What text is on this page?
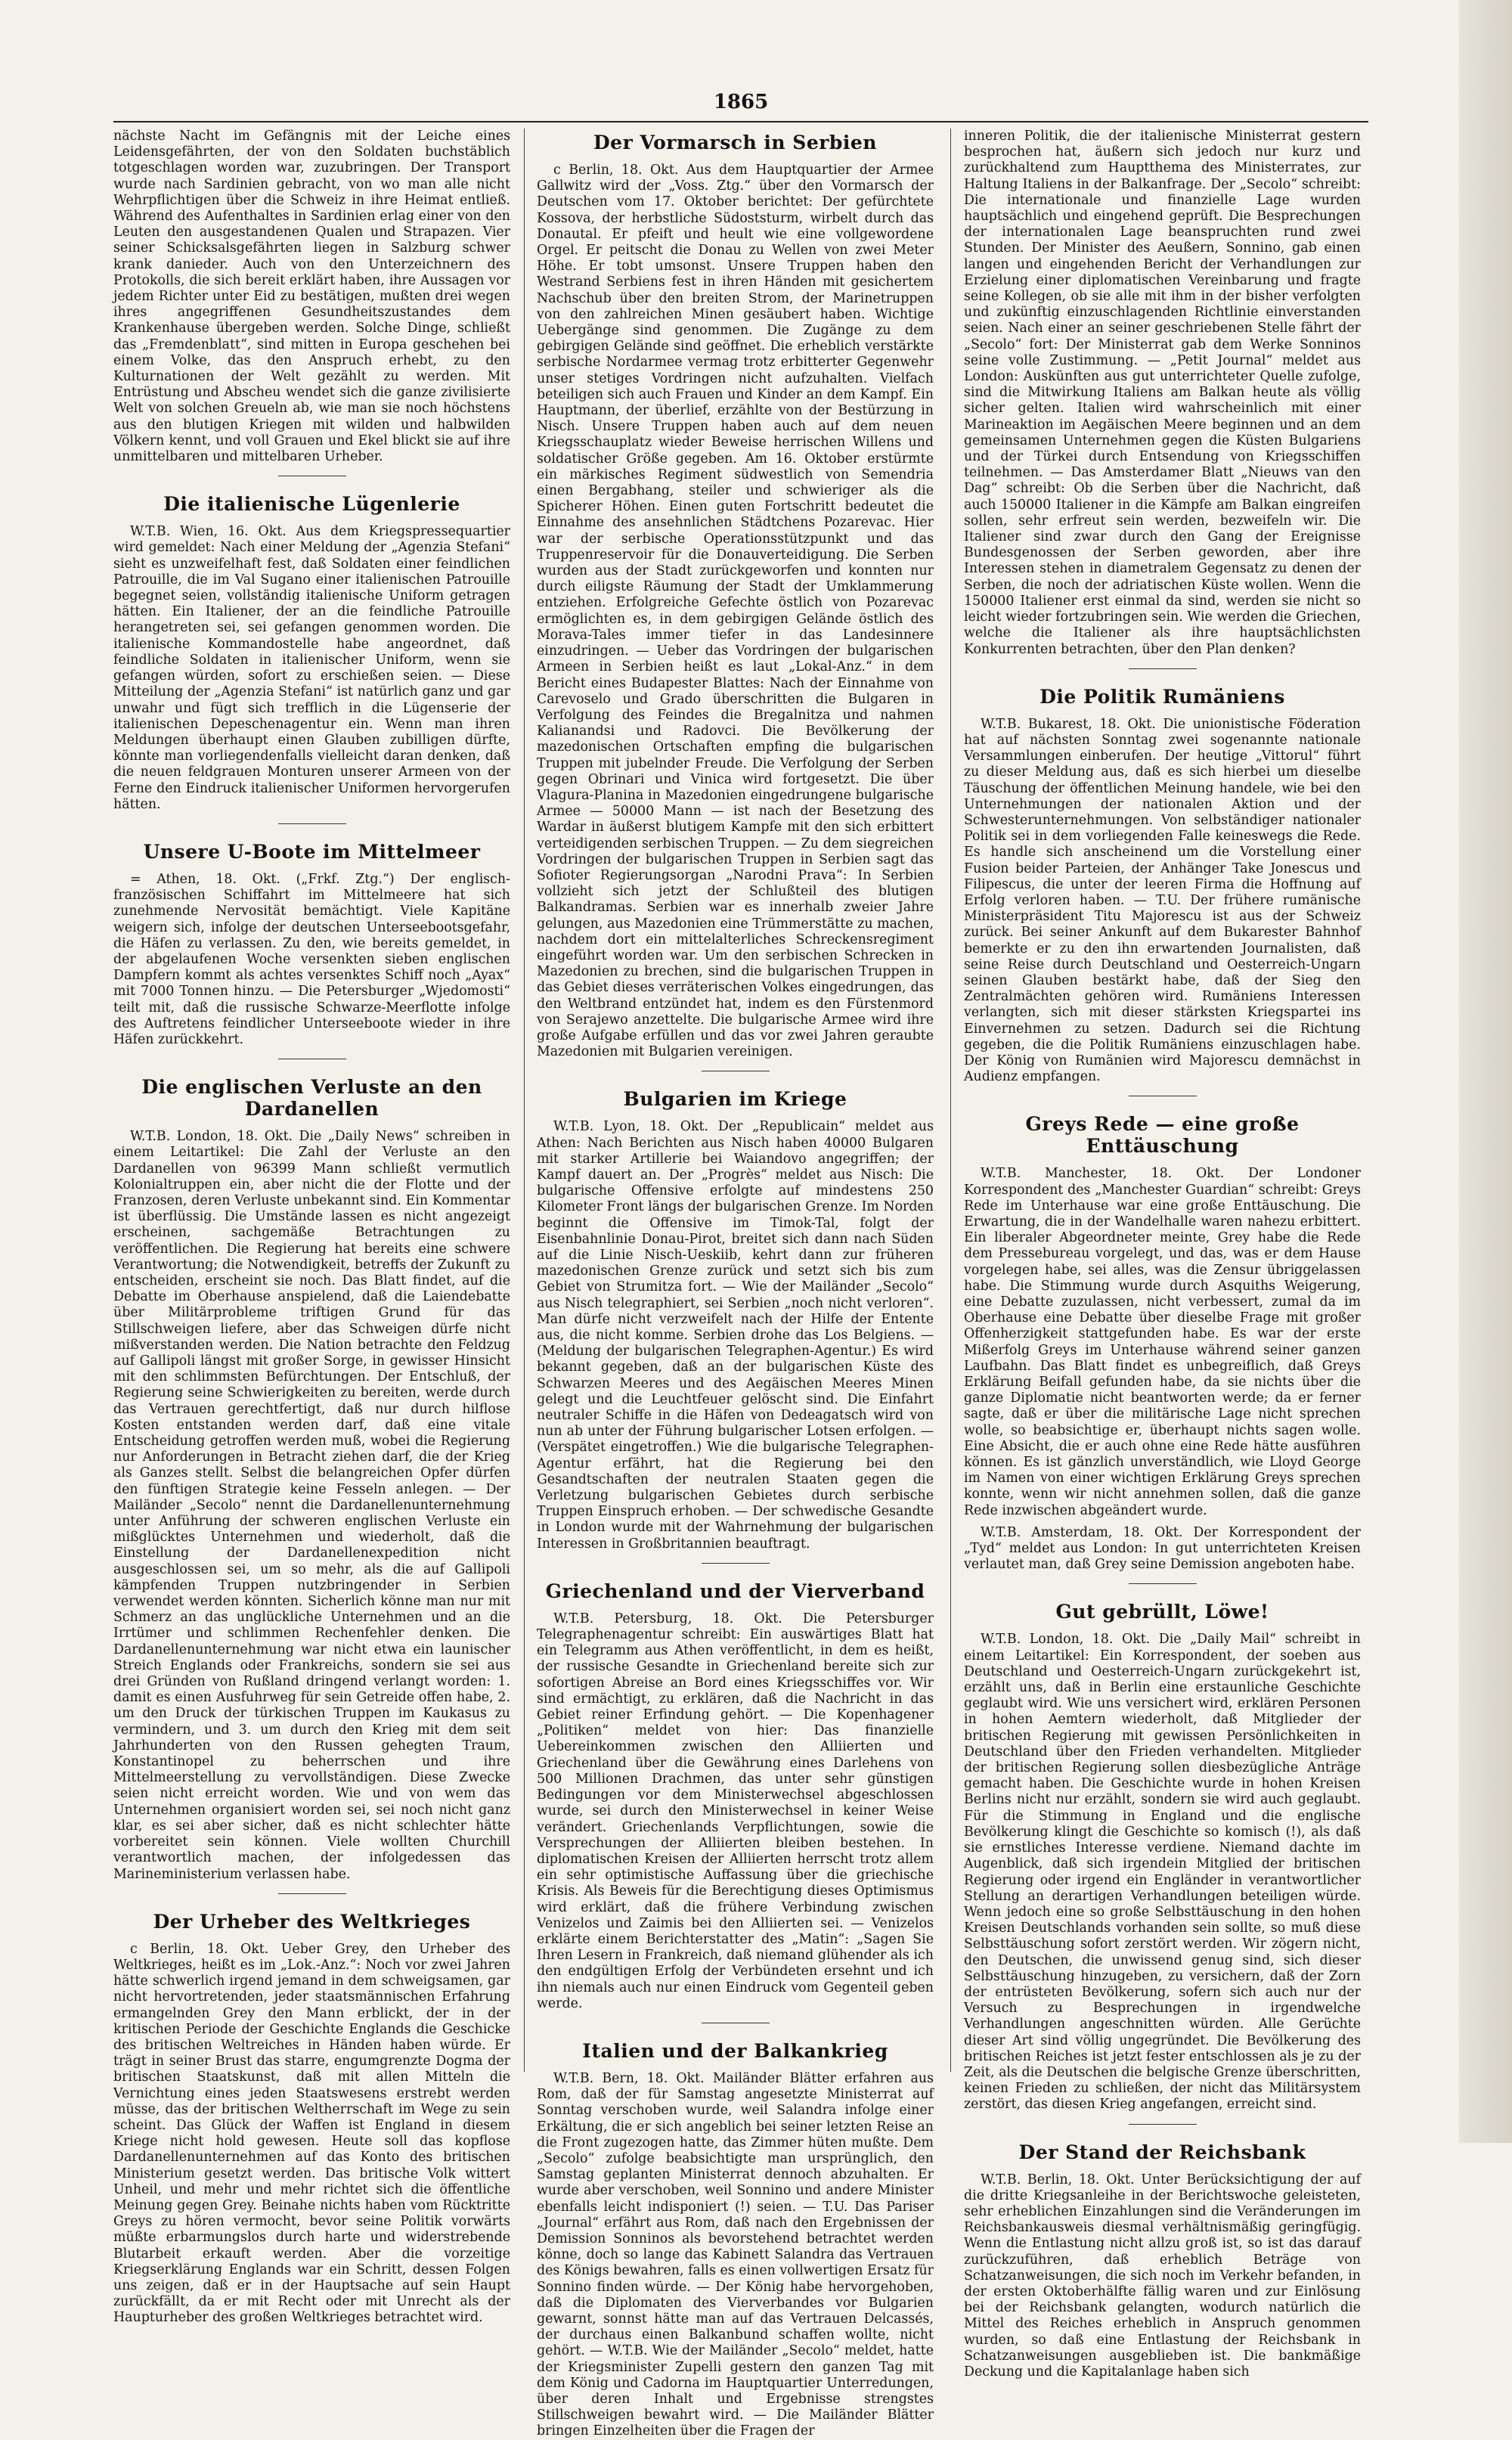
1865

nächste Nacht im Gefängnis mit der Leiche eines Leidensgefährten, der von den Soldaten buchstäblich totgeschlagen worden war, zuzubringen. Der Transport wurde nach Sardinien gebracht, von wo man alle nicht Wehrpflichtigen über die Schweiz in ihre Heimat entließ. Während des Aufenthaltes in Sardinien erlag einer von den Leuten den ausgestandenen Qualen und Strapazen. Vier seiner Schicksalsgefährten liegen in Salzburg schwer krank danieder. Auch von den Unterzeichnern des Protokolls, die sich bereit erklärt haben, ihre Aussagen vor jedem Richter unter Eid zu bestätigen, mußten drei wegen ihres angegriffenen Gesundheitszustandes dem Krankenhause übergeben werden. Solche Dinge, schließt das „Fremdenblatt“, sind mitten in Europa geschehen bei einem Volke, das den Anspruch erhebt, zu den Kulturnationen der Welt gezählt zu werden. Mit Entrüstung und Abscheu wendet sich die ganze zivilisierte Welt von solchen Greueln ab, wie man sie noch höchstens aus den blutigen Kriegen mit wilden und halbwilden Völkern kennt, und voll Grauen und Ekel blickt sie auf ihre unmittelbaren und mittelbaren Urheber.

Die italienische Lügenlerie

W.T.B. Wien, 16. Okt. Aus dem Kriegspressequartier wird gemeldet: Nach einer Meldung der „Agenzia Stefani“ sieht es unzweifelhaft fest, daß Soldaten einer feindlichen Patrouille, die im Val Sugano einer italienischen Patrouille begegnet seien, vollständig italienische Uniform getragen hätten. Ein Italiener, der an die feindliche Patrouille herangetreten sei, sei gefangen genommen worden. Die italienische Kommandostelle habe angeordnet, daß feindliche Soldaten in italienischer Uniform, wenn sie gefangen würden, sofort zu erschießen seien. — Diese Mitteilung der „Agenzia Stefani“ ist natürlich ganz und gar unwahr und fügt sich trefflich in die Lügenserie der italienischen Depeschenagentur ein. Wenn man ihren Meldungen überhaupt einen Glauben zubilligen dürfte, könnte man vorliegendenfalls vielleicht daran denken, daß die neuen feldgrauen Monturen unserer Armeen von der Ferne den Eindruck italienischer Uniformen hervorgerufen hätten.

Unsere U-Boote im Mittelmeer

= Athen, 18. Okt. („Frkf. Ztg.“) Der englisch-französischen Schiffahrt im Mittelmeere hat sich zunehmende Nervosität bemächtigt. Viele Kapitäne weigern sich, infolge der deutschen Unterseebootsgefahr, die Häfen zu verlassen. Zu den, wie bereits gemeldet, in der abgelaufenen Woche versenkten sieben englischen Dampfern kommt als achtes versenktes Schiff noch „Ayax“ mit 7000 Tonnen hinzu. — Die Petersburger „Wjedomosti“ teilt mit, daß die russische Schwarze-Meerflotte infolge des Auftretens feindlicher Unterseeboote wieder in ihre Häfen zurückkehrt.

Die englischen Verluste an den Dardanellen

W.T.B. London, 18. Okt. Die „Daily News“ schreiben in einem Leitartikel: Die Zahl der Verluste an den Dardanellen von 96399 Mann schließt vermutlich Kolonialtruppen ein, aber nicht die der Flotte und der Franzosen, deren Verluste unbekannt sind. Ein Kommentar ist überflüssig. Die Umstände lassen es nicht angezeigt erscheinen, sachgemäße Betrachtungen zu veröffentlichen. Die Regierung hat bereits eine schwere Verantwortung; die Notwendigkeit, betreffs der Zukunft zu entscheiden, erscheint sie noch. Das Blatt findet, auf die Debatte im Oberhause anspielend, daß die Laiendebatte über Militärprobleme triftigen Grund für das Stillschweigen liefere, aber das Schweigen dürfe nicht mißverstanden werden. Die Nation betrachte den Feldzug auf Gallipoli längst mit großer Sorge, in gewisser Hinsicht mit den schlimmsten Befürchtungen. Der Entschluß, der Regierung seine Schwierigkeiten zu bereiten, werde durch das Vertrauen gerechtfertigt, daß nur durch hilflose Kosten entstanden werden darf, daß eine vitale Entscheidung getroffen werden muß, wobei die Regierung nur Anforderungen in Betracht ziehen darf, die der Krieg als Ganzes stellt. Selbst die belangreichen Opfer dürfen den fünftigen Strategie keine Fesseln anlegen. — Der Mailänder „Secolo“ nennt die Dardanellenunternehmung unter Anführung der schweren englischen Verluste ein mißglücktes Unternehmen und wiederholt, daß die Einstellung der Dardanellenexpedition nicht ausgeschlossen sei, um so mehr, als die auf Gallipoli kämpfenden Truppen nutzbringender in Serbien verwendet werden könnten. Sicherlich könne man nur mit Schmerz an das unglückliche Unternehmen und an die Irrtümer und schlimmen Rechenfehler denken. Die Dardanellenunternehmung war nicht etwa ein launischer Streich Englands oder Frankreichs, sondern sie sei aus drei Gründen von Rußland dringend verlangt worden: 1. damit es einen Ausfuhrweg für sein Getreide offen habe, 2. um den Druck der türkischen Truppen im Kaukasus zu vermindern, und 3. um durch den Krieg mit dem seit Jahrhunderten von den Russen gehegten Traum, Konstantinopel zu beherrschen und ihre Mittelmeerstellung zu vervollständigen. Diese Zwecke seien nicht erreicht worden. Wie und von wem das Unternehmen organisiert worden sei, sei noch nicht ganz klar, es sei aber sicher, daß es nicht schlechter hätte vorbereitet sein können. Viele wollten Churchill verantwortlich machen, der infolgedessen das Marineministerium verlassen habe.

Der Urheber des Weltkrieges

c Berlin, 18. Okt. Ueber Grey, den Urheber des Weltkrieges, heißt es im „Lok.-Anz.“: Noch vor zwei Jahren hätte schwerlich irgend jemand in dem schweigsamen, gar nicht hervortretenden, jeder staatsmännischen Erfahrung ermangelnden Grey den Mann erblickt, der in der kritischen Periode der Geschichte Englands die Geschicke des britischen Weltreiches in Händen haben würde. Er trägt in seiner Brust das starre, engumgrenzte Dogma der britischen Staatskunst, daß mit allen Mitteln die Vernichtung eines jeden Staatswesens erstrebt werden müsse, das der britischen Weltherrschaft im Wege zu sein scheint. Das Glück der Waffen ist England in diesem Kriege nicht hold gewesen. Heute soll das kopflose Dardanellenunternehmen auf das Konto des britischen Ministerium gesetzt werden. Das britische Volk wittert Unheil, und mehr und mehr richtet sich die öffentliche Meinung gegen Grey. Beinahe nichts haben vom Rücktritte Greys zu hören vermocht, bevor seine Politik vorwärts müßte erbarmungslos durch harte und widerstrebende Blutarbeit erkauft werden. Aber die vorzeitige Kriegserklärung Englands war ein Schritt, dessen Folgen uns zeigen, daß er in der Hauptsache auf sein Haupt zurückfällt, da er mit Recht oder mit Unrecht als der Haupturheber des großen Weltkrieges betrachtet wird.

Der Vormarsch in Serbien

c Berlin, 18. Okt. Aus dem Hauptquartier der Armee Gallwitz wird der „Voss. Ztg.“ über den Vormarsch der Deutschen vom 17. Oktober berichtet: Der gefürchtete Kossova, der herbstliche Südoststurm, wirbelt durch das Donautal. Er pfeift und heult wie eine vollgewordene Orgel. Er peitscht die Donau zu Wellen von zwei Meter Höhe. Er tobt umsonst. Unsere Truppen haben den Westrand Serbiens fest in ihren Händen mit gesichertem Nachschub über den breiten Strom, der Marinetruppen von den zahlreichen Minen gesäubert haben. Wichtige Uebergänge sind genommen. Die Zugänge zu dem gebirgigen Gelände sind geöffnet. Die erheblich verstärkte serbische Nordarmee vermag trotz erbitterter Gegenwehr unser stetiges Vordringen nicht aufzuhalten. Vielfach beteiligen sich auch Frauen und Kinder an dem Kampf. Ein Hauptmann, der überlief, erzählte von der Bestürzung in Nisch. Unsere Truppen haben auch auf dem neuen Kriegsschauplatz wieder Beweise herrischen Willens und soldatischer Größe gegeben. Am 16. Oktober erstürmte ein märkisches Regiment südwestlich von Semendria einen Bergabhang, steiler und schwieriger als die Spicherer Höhen. Einen guten Fortschritt bedeutet die Einnahme des ansehnlichen Städtchens Pozarevac. Hier war der serbische Operationsstützpunkt und das Truppenreservoir für die Donauverteidigung. Die Serben wurden aus der Stadt zurückgeworfen und konnten nur durch eiligste Räumung der Stadt der Umklammerung entziehen. Erfolgreiche Gefechte östlich von Pozarevac ermöglichten es, in dem gebirgigen Gelände östlich des Morava-Tales immer tiefer in das Landesinnere einzudringen. — Ueber das Vordringen der bulgarischen Armeen in Serbien heißt es laut „Lokal-Anz.“ in dem Bericht eines Budapester Blattes: Nach der Einnahme von Carevoselo und Grado überschritten die Bulgaren in Verfolgung des Feindes die Bregalnitza und nahmen Kalianandsi und Radovci. Die Bevölkerung der mazedonischen Ortschaften empfing die bulgarischen Truppen mit jubelnder Freude. Die Verfolgung der Serben gegen Obrinari und Vinica wird fortgesetzt. Die über Vlagura-Planina in Mazedonien eingedrungene bulgarische Armee — 50000 Mann — ist nach der Besetzung des Wardar in äußerst blutigem Kampfe mit den sich erbittert verteidigenden serbischen Truppen. — Zu dem siegreichen Vordringen der bulgarischen Truppen in Serbien sagt das Sofioter Regierungsorgan „Narodni Prava“: In Serbien vollzieht sich jetzt der Schlußteil des blutigen Balkandramas. Serbien war es innerhalb zweier Jahre gelungen, aus Mazedonien eine Trümmerstätte zu machen, nachdem dort ein mittelalterliches Schreckensregiment eingeführt worden war. Um den serbischen Schrecken in Mazedonien zu brechen, sind die bulgarischen Truppen in das Gebiet dieses verräterischen Volkes eingedrungen, das den Weltbrand entzündet hat, indem es den Fürstenmord von Serajewo anzettelte. Die bulgarische Armee wird ihre große Aufgabe erfüllen und das vor zwei Jahren geraubte Mazedonien mit Bulgarien vereinigen.

Bulgarien im Kriege

W.T.B. Lyon, 18. Okt. Der „Republicain“ meldet aus Athen: Nach Berichten aus Nisch haben 40000 Bulgaren mit starker Artillerie bei Waiandovo angegriffen; der Kampf dauert an. Der „Progrès“ meldet aus Nisch: Die bulgarische Offensive erfolgte auf mindestens 250 Kilometer Front längs der bulgarischen Grenze. Im Norden beginnt die Offensive im Timok-Tal, folgt der Eisenbahnlinie Donau-Pirot, breitet sich dann nach Süden auf die Linie Nisch-Ueskiib, kehrt dann zur früheren mazedonischen Grenze zurück und setzt sich bis zum Gebiet von Strumitza fort. — Wie der Mailänder „Secolo“ aus Nisch telegraphiert, sei Serbien „noch nicht verloren“. Man dürfe nicht verzweifelt nach der Hilfe der Entente aus, die nicht komme. Serbien drohe das Los Belgiens. — (Meldung der bulgarischen Telegraphen-Agentur.) Es wird bekannt gegeben, daß an der bulgarischen Küste des Schwarzen Meeres und des Aegäischen Meeres Minen gelegt und die Leuchtfeuer gelöscht sind. Die Einfahrt neutraler Schiffe in die Häfen von Dedeagatsch wird von nun ab unter der Führung bulgarischer Lotsen erfolgen. — (Verspätet eingetroffen.) Wie die bulgarische Telegraphen-Agentur erfährt, hat die Regierung bei den Gesandtschaften der neutralen Staaten gegen die Verletzung bulgarischen Gebietes durch serbische Truppen Einspruch erhoben. — Der schwedische Gesandte in London wurde mit der Wahrnehmung der bulgarischen Interessen in Großbritannien beauftragt.

Griechenland und der Vierverband

W.T.B. Petersburg, 18. Okt. Die Petersburger Telegraphenagentur schreibt: Ein auswärtiges Blatt hat ein Telegramm aus Athen veröffentlicht, in dem es heißt, der russische Gesandte in Griechenland bereite sich zur sofortigen Abreise an Bord eines Kriegsschiffes vor. Wir sind ermächtigt, zu erklären, daß die Nachricht in das Gebiet reiner Erfindung gehört. — Die Kopenhagener „Politiken“ meldet von hier: Das finanzielle Uebereinkommen zwischen den Alliierten und Griechenland über die Gewährung eines Darlehens von 500 Millionen Drachmen, das unter sehr günstigen Bedingungen vor dem Ministerwechsel abgeschlossen wurde, sei durch den Ministerwechsel in keiner Weise verändert. Griechenlands Verpflichtungen, sowie die Versprechungen der Alliierten bleiben bestehen. In diplomatischen Kreisen der Alliierten herrscht trotz allem ein sehr optimistische Auffassung über die griechische Krisis. Als Beweis für die Berechtigung dieses Optimismus wird erklärt, daß die frühere Verbindung zwischen Venizelos und Zaimis bei den Alliierten sei. — Venizelos erklärte einem Berichterstatter des „Matin“: „Sagen Sie Ihren Lesern in Frankreich, daß niemand glühender als ich den endgültigen Erfolg der Verbündeten ersehnt und ich ihn niemals auch nur einen Eindruck vom Gegenteil geben werde.

Italien und der Balkankrieg

W.T.B. Bern, 18. Okt. Mailänder Blätter erfahren aus Rom, daß der für Samstag angesetzte Ministerrat auf Sonntag verschoben wurde, weil Salandra infolge einer Erkältung, die er sich angeblich bei seiner letzten Reise an die Front zugezogen hatte, das Zimmer hüten mußte. Dem „Secolo“ zufolge beabsichtigte man ursprünglich, den Samstag geplanten Ministerrat dennoch abzuhalten. Er wurde aber verschoben, weil Sonnino und andere Minister ebenfalls leicht indisponiert (!) seien. — T.U. Das Pariser „Journal“ erfährt aus Rom, daß nach den Ergebnissen der Demission Sonninos als bevorstehend betrachtet werden könne, doch so lange das Kabinett Salandra das Vertrauen des Königs bewahren, falls es einen vollwertigen Ersatz für Sonnino finden würde. — Der König habe hervorgehoben, daß die Diplomaten des Vierverbandes vor Bulgarien gewarnt, sonnst hätte man auf das Vertrauen Delcassés, der durchaus einen Balkanbund schaffen wollte, nicht gehört. — W.T.B. Wie der Mailänder „Secolo“ meldet, hatte der Kriegsminister Zupelli gestern den ganzen Tag mit dem König und Cadorna im Hauptquartier Unterredungen, über deren Inhalt und Ergebnisse strengstes Stillschweigen bewahrt wird. — Die Mailänder Blätter bringen Einzelheiten über die Fragen der

inneren Politik, die der italienische Ministerrat gestern besprochen hat, äußern sich jedoch nur kurz und zurückhaltend zum Hauptthema des Ministerrates, zur Haltung Italiens in der Balkanfrage. Der „Secolo“ schreibt: Die internationale und finanzielle Lage wurden hauptsächlich und eingehend geprüft. Die Besprechungen der internationalen Lage beanspruchten rund zwei Stunden. Der Minister des Aeußern, Sonnino, gab einen langen und eingehenden Bericht der Verhandlungen zur Erzielung einer diplomatischen Vereinbarung und fragte seine Kollegen, ob sie alle mit ihm in der bisher verfolgten und zukünftig einzuschlagenden Richtlinie einverstanden seien. Nach einer an seiner geschriebenen Stelle fährt der „Secolo“ fort: Der Ministerrat gab dem Werke Sonninos seine volle Zustimmung. — „Petit Journal“ meldet aus London: Auskünften aus gut unterrichteter Quelle zufolge, sind die Mitwirkung Italiens am Balkan heute als völlig sicher gelten. Italien wird wahrscheinlich mit einer Marineaktion im Aegäischen Meere beginnen und an dem gemeinsamen Unternehmen gegen die Küsten Bulgariens und der Türkei durch Entsendung von Kriegsschiffen teilnehmen. — Das Amsterdamer Blatt „Nieuws van den Dag“ schreibt: Ob die Serben über die Nachricht, daß auch 150000 Italiener in die Kämpfe am Balkan eingreifen sollen, sehr erfreut sein werden, bezweifeln wir. Die Italiener sind zwar durch den Gang der Ereignisse Bundesgenossen der Serben geworden, aber ihre Interessen stehen in diametralem Gegensatz zu denen der Serben, die noch der adriatischen Küste wollen. Wenn die 150000 Italiener erst einmal da sind, werden sie nicht so leicht wieder fortzubringen sein. Wie werden die Griechen, welche die Italiener als ihre hauptsächlichsten Konkurrenten betrachten, über den Plan denken?

Die Politik Rumäniens

W.T.B. Bukarest, 18. Okt. Die unionistische Föderation hat auf nächsten Sonntag zwei sogenannte nationale Versammlungen einberufen. Der heutige „Vittorul“ führt zu dieser Meldung aus, daß es sich hierbei um dieselbe Täuschung der öffentlichen Meinung handele, wie bei den Unternehmungen der nationalen Aktion und der Schwesterunternehmungen. Von selbständiger nationaler Politik sei in dem vorliegenden Falle keineswegs die Rede. Es handle sich anscheinend um die Vorstellung einer Fusion beider Parteien, der Anhänger Take Jonescus und Filipescus, die unter der leeren Firma die Hoffnung auf Erfolg verloren haben. — T.U. Der frühere rumänische Ministerpräsident Titu Majorescu ist aus der Schweiz zurück. Bei seiner Ankunft auf dem Bukarester Bahnhof bemerkte er zu den ihn erwartenden Journalisten, daß seine Reise durch Deutschland und Oesterreich-Ungarn seinen Glauben bestärkt habe, daß der Sieg den Zentralmächten gehören wird. Rumäniens Interessen verlangten, sich mit dieser stärksten Kriegspartei ins Einvernehmen zu setzen. Dadurch sei die Richtung gegeben, die die Politik Rumäniens einzuschlagen habe. Der König von Rumänien wird Majorescu demnächst in Audienz empfangen.

Greys Rede — eine große Enttäuschung

W.T.B. Manchester, 18. Okt. Der Londoner Korrespondent des „Manchester Guardian“ schreibt: Greys Rede im Unterhause war eine große Enttäuschung. Die Erwartung, die in der Wandelhalle waren nahezu erbittert. Ein liberaler Abgeordneter meinte, Grey habe die Rede dem Pressebureau vorgelegt, und das, was er dem Hause vorgelegen habe, sei alles, was die Zensur übriggelassen habe. Die Stimmung wurde durch Asquiths Weigerung, eine Debatte zuzulassen, nicht verbessert, zumal da im Oberhause eine Debatte über dieselbe Frage mit großer Offenherzigkeit stattgefunden habe. Es war der erste Mißerfolg Greys im Unterhause während seiner ganzen Laufbahn. Das Blatt findet es unbegreiflich, daß Greys Erklärung Beifall gefunden habe, da sie nichts über die ganze Diplomatie nicht beantworten werde; da er ferner sagte, daß er über die militärische Lage nicht sprechen wolle, so beabsichtige er, überhaupt nichts sagen wolle. Eine Absicht, die er auch ohne eine Rede hätte ausführen können. Es ist gänzlich unverständlich, wie Lloyd George im Namen von einer wichtigen Erklärung Greys sprechen konnte, wenn wir nicht annehmen sollen, daß die ganze Rede inzwischen abgeändert wurde.

W.T.B. Amsterdam, 18. Okt. Der Korrespondent der „Tyd“ meldet aus London: In gut unterrichteten Kreisen verlautet man, daß Grey seine Demission angeboten habe.

Gut gebrüllt, Löwe!

W.T.B. London, 18. Okt. Die „Daily Mail“ schreibt in einem Leitartikel: Ein Korrespondent, der soeben aus Deutschland und Oesterreich-Ungarn zurückgekehrt ist, erzählt uns, daß in Berlin eine erstaunliche Geschichte geglaubt wird. Wie uns versichert wird, erklären Personen in hohen Aemtern wiederholt, daß Mitglieder der britischen Regierung mit gewissen Persönlichkeiten in Deutschland über den Frieden verhandelten. Mitglieder der britischen Regierung sollen diesbezügliche Anträge gemacht haben. Die Geschichte wurde in hohen Kreisen Berlins nicht nur erzählt, sondern sie wird auch geglaubt. Für die Stimmung in England und die englische Bevölkerung klingt die Geschichte so komisch (!), als daß sie ernstliches Interesse verdiene. Niemand dachte im Augenblick, daß sich irgendein Mitglied der britischen Regierung oder irgend ein Engländer in verantwortlicher Stellung an derartigen Verhandlungen beteiligen würde. Wenn jedoch eine so große Selbsttäuschung in den hohen Kreisen Deutschlands vorhanden sein sollte, so muß diese Selbsttäuschung sofort zerstört werden. Wir zögern nicht, den Deutschen, die unwissend genug sind, sich dieser Selbsttäuschung hinzugeben, zu versichern, daß der Zorn der entrüsteten Bevölkerung, sofern sich auch nur der Versuch zu Besprechungen in irgendwelche Verhandlungen angeschnitten würden. Alle Gerüchte dieser Art sind völlig ungegründet. Die Bevölkerung des britischen Reiches ist jetzt fester entschlossen als je zu der Zeit, als die Deutschen die belgische Grenze überschritten, keinen Frieden zu schließen, der nicht das Militärsystem zerstört, das diesen Krieg angefangen, erreicht sind.

Der Stand der Reichsbank

W.T.B. Berlin, 18. Okt. Unter Berücksichtigung der auf die dritte Kriegsanleihe in der Berichtswoche geleisteten, sehr erheblichen Einzahlungen sind die Veränderungen im Reichsbankausweis diesmal verhältnismäßig geringfügig. Wenn die Entlastung nicht allzu groß ist, so ist das darauf zurückzuführen, daß erheblich Beträge von Schatzanweisungen, die sich noch im Verkehr befanden, in der ersten Oktoberhälfte fällig waren und zur Einlösung bei der Reichsbank gelangten, wodurch natürlich die Mittel des Reiches erheblich in Anspruch genommen wurden, so daß eine Entlastung der Reichsbank in Schatzanweisungen ausgeblieben ist. Die bankmäßige Deckung und die Kapitalanlage haben sich
